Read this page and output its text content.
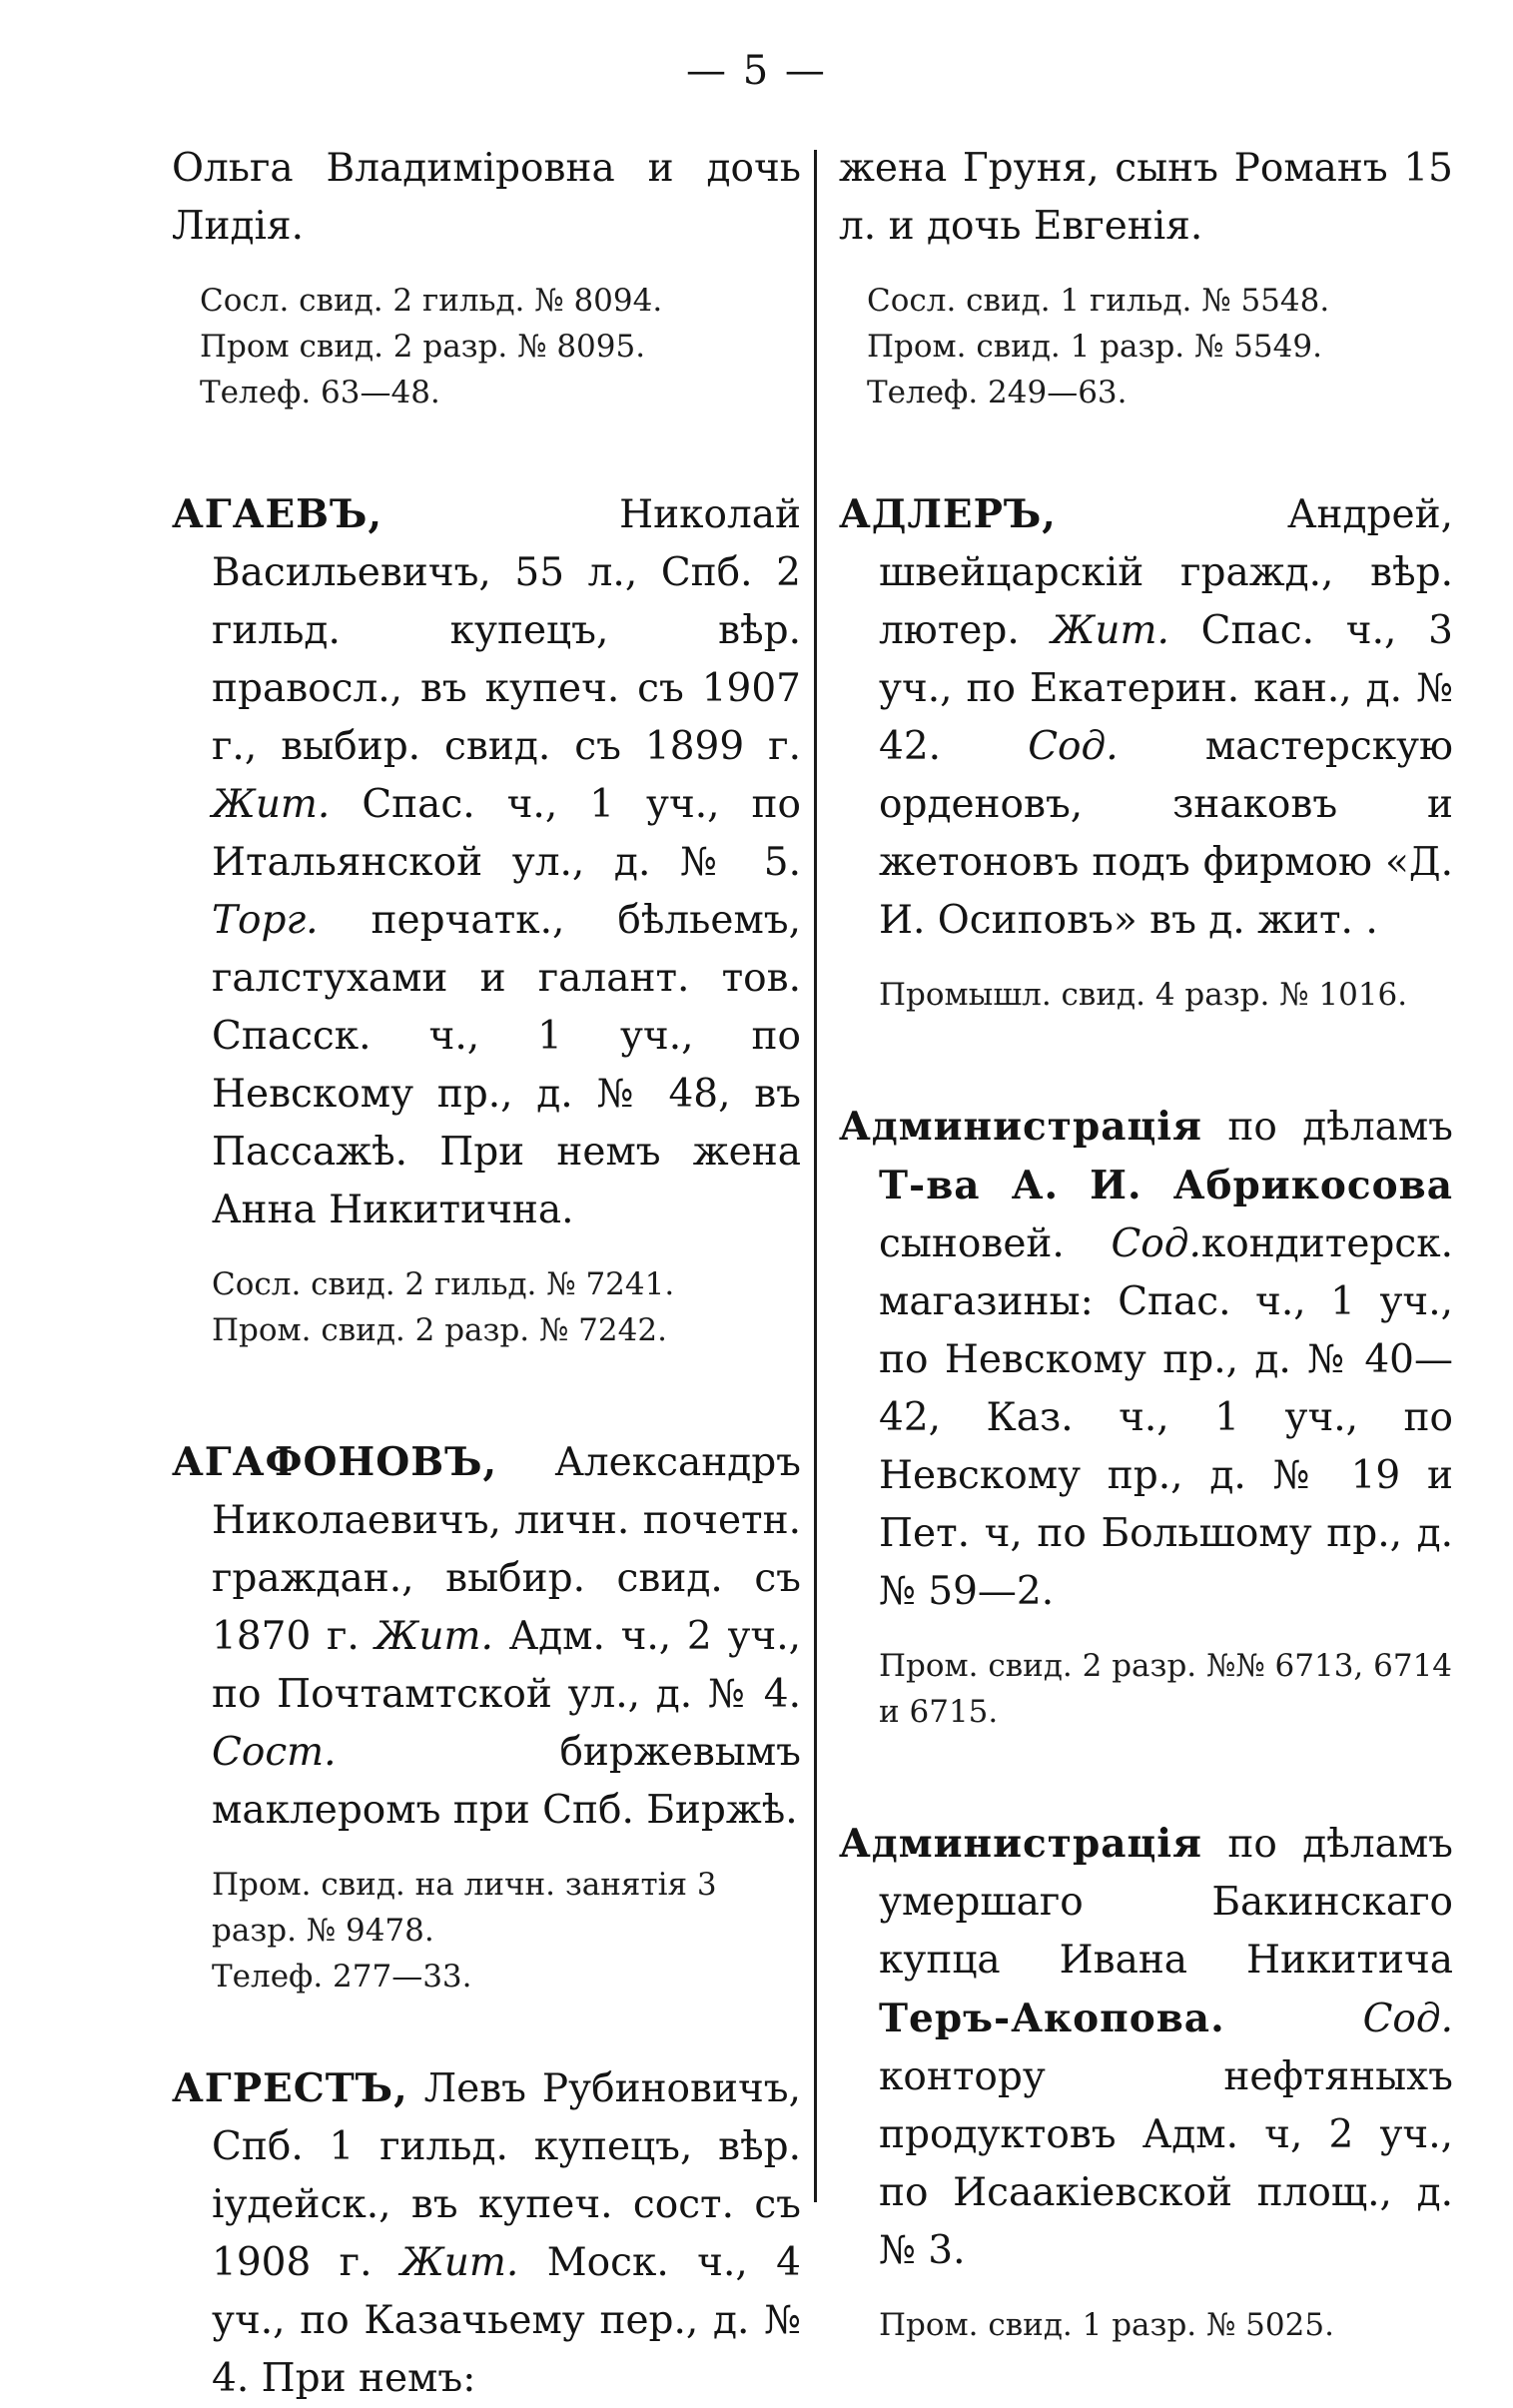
— 5 —

Ольга Владиміровна и дочь Лидія.

Сосл. свид. 2 гильд. № 8094.
Пром свид. 2 разр. № 8095.
Телеф. 63—48.

АГАЕВЪ, Николай Васильевичъ, 55 л., Спб. 2 гильд. купецъ, вѣр. правосл., въ купеч. съ 1907 г., выбир. свид. съ 1899 г. Жит. Спас. ч., 1 уч., по Итальянской ул., д. № 5. Торг. перчатк., бѣльемъ, галстухами и галант. тов. Спасск. ч., 1 уч., по Невскому пр., д. № 48, въ Пассажѣ. При немъ жена Анна Никитична.

Сосл. свид. 2 гильд. № 7241.
Пром. свид. 2 разр. № 7242.

АГАФОНОВЪ, Александръ Николаевичъ, личн. почетн. граждан., выбир. свид. съ 1870 г. Жит. Адм. ч., 2 уч., по Почтамтской ул., д. № 4. Сост. биржевымъ маклеромъ при Спб. Биржѣ.

Пром. свид. на личн. занятія 3 разр. № 9478.
Телеф. 277—33.

АГРЕСТЪ, Левъ Рубиновичъ, Спб. 1 гильд. купецъ, вѣр. іудейск., въ купеч. сост. съ 1908 г. Жит. Моск. ч., 4 уч., по Казачьему пер., д. № 4. При немъ:

жена Груня, сынъ Романъ 15 л. и дочь Евгенія.

Сосл. свид. 1 гильд. № 5548.
Пром. свид. 1 разр. № 5549.
Телеф. 249—63.

АДЛЕРЪ, Андрей, швейцарскій гражд., вѣр. лютер. Жит. Спас. ч., 3 уч., по Екатерин. кан., д. № 42. Сод. мастерскую орденовъ, знаковъ и жетоновъ подъ фирмою «Д. И. Осиповъ» въ д. жит. .

Промышл. свид. 4 разр. № 1016.

Администрація по дѣламъ Т-ва А. И. Абрикосова сыновей. Сод.кондитерск. магазины: Спас. ч., 1 уч., по Невскому пр., д. № 40—42, Каз. ч., 1 уч., по Невскому пр., д. № 19 и Пет. ч, по Большому пр., д. № 59—2.

Пром. свид. 2 разр. №№ 6713, 6714 и 6715.

Администрація по дѣламъ умершаго Бакинскаго купца Ивана Никитича Теръ-Акопова.	Сод. контору нефтяныхъ продуктовъ Адм. ч, 2 уч., по Исаакіевской площ., д. № 3.

Пром. свид. 1 разр. № 5025.
